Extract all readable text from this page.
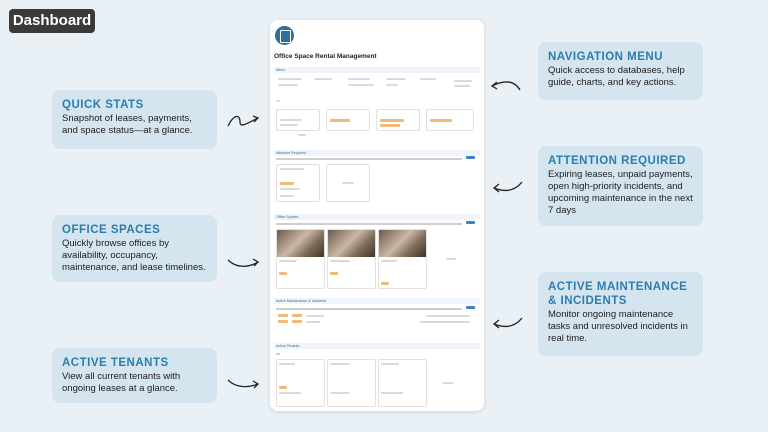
Dashboard
QUICK STATS

Snapshot of leases, payments, and space status—at a glance.

OFFICE SPACES

Quickly browse offices by availability, occupancy, maintenance, and lease timelines.

ACTIVE TENANTS

View all current tenants with ongoing leases at a glance.

NAVIGATION MENU

Quick access to databases, help guide, charts, and key actions.

ATTENTION REQUIRED

Expiring leases, unpaid payments, open high-priority incidents, and upcoming maintenance in the next 7 days

ACTIVE MAINTENANCE & INCIDENTS

Monitor ongoing maintenance tasks and unresolved incidents in real time.

Office Space Rental Management
Menu
Attention Required
Office Spaces
Active Maintenance & Incidents
Active Tenants
